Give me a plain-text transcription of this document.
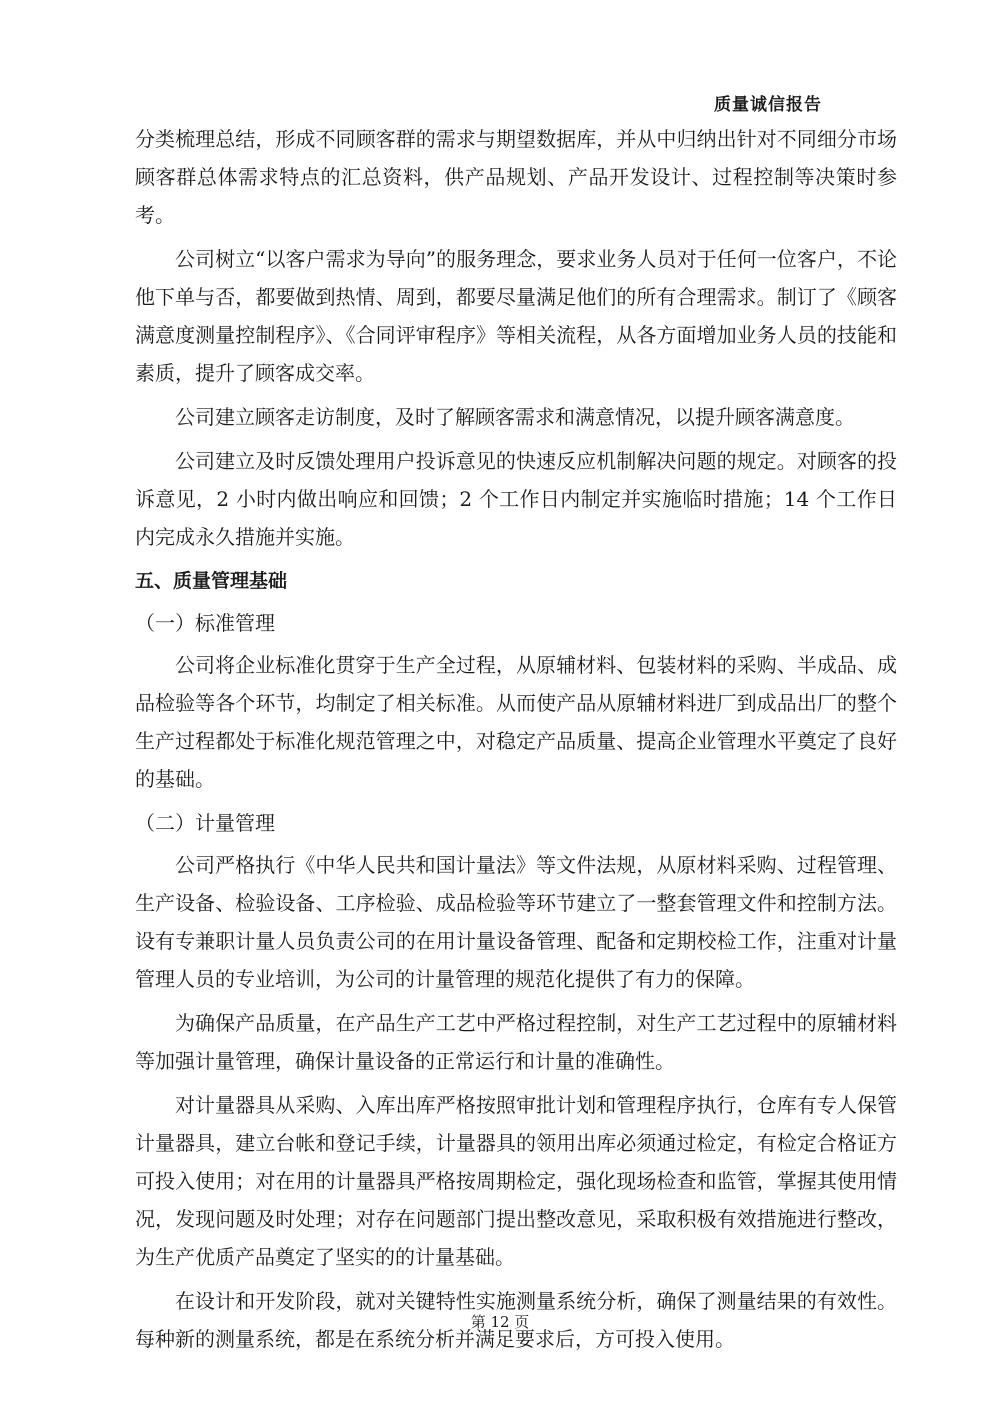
质量诚信报告

分类梳理总结，形成不同顾客群的需求与期望数据库，并从中归纳出针对不同细分市场顾客群总体需求特点的汇总资料，供产品规划、产品开发设计、过程控制等决策时参考。

公司树立“以客户需求为导向”的服务理念，要求业务人员对于任何一位客户，不论他下单与否，都要做到热情、周到，都要尽量满足他们的所有合理需求。制订了《顾客满意度测量控制程序》、《合同评审程序》等相关流程，从各方面增加业务人员的技能和素质，提升了顾客成交率。

公司建立顾客走访制度，及时了解顾客需求和满意情况，以提升顾客满意度。

公司建立及时反馈处理用户投诉意见的快速反应机制解决问题的规定。对顾客的投诉意见，2 小时内做出响应和回馈；2 个工作日内制定并实施临时措施；14 个工作日内完成永久措施并实施。

五、质量管理基础
（一）标准管理

公司将企业标准化贯穿于生产全过程，从原辅材料、包装材料的采购、半成品、成品检验等各个环节，均制定了相关标准。从而使产品从原辅材料进厂到成品出厂的整个生产过程都处于标准化规范管理之中，对稳定产品质量、提高企业管理水平奠定了良好的基础。

（二）计量管理

公司严格执行《中华人民共和国计量法》等文件法规，从原材料采购、过程管理、生产设备、检验设备、工序检验、成品检验等环节建立了一整套管理文件和控制方法。设有专兼职计量人员负责公司的在用计量设备管理、配备和定期校检工作，注重对计量管理人员的专业培训，为公司的计量管理的规范化提供了有力的保障。

为确保产品质量，在产品生产工艺中严格过程控制，对生产工艺过程中的原辅材料等加强计量管理，确保计量设备的正常运行和计量的准确性。

对计量器具从采购、入库出库严格按照审批计划和管理程序执行，仓库有专人保管计量器具，建立台帐和登记手续，计量器具的领用出库必须通过检定，有检定合格证方可投入使用；对在用的计量器具严格按周期检定，强化现场检查和监管，掌握其使用情况，发现问题及时处理；对存在问题部门提出整改意见，采取积极有效措施进行整改，为生产优质产品奠定了坚实的的计量基础。

在设计和开发阶段，就对关键特性实施测量系统分析，确保了测量结果的有效性。每种新的测量系统，都是在系统分析并满足要求后，方可投入使用。

第 12 页
